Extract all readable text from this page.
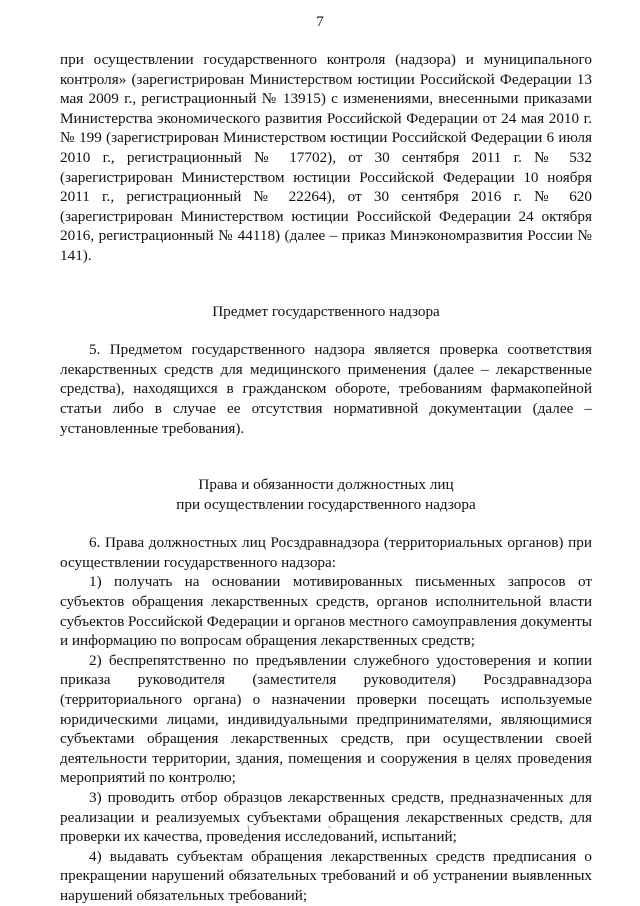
7

при осуществлении государственного контроля (надзора) и муниципального контроля» (зарегистрирован Министерством юстиции Российской Федерации 13 мая 2009 г., регистрационный № 13915) с изменениями, внесенными приказами Министерства экономического развития Российской Федерации от 24 мая 2010 г. № 199 (зарегистрирован Министерством юстиции Российской Федерации 6 июля 2010 г., регистрационный № 17702), от 30 сентября 2011 г. № 532 (зарегистрирован Министерством юстиции Российской Федерации 10 ноября 2011 г., регистрационный № 22264), от 30 сентября 2016 г. № 620 (зарегистрирован Министерством юстиции Российской Федерации 24 октября 2016, регистрационный № 44118) (далее – приказ Минэкономразвития России № 141).

Предмет государственного надзора

5. Предметом государственного надзора является проверка соответствия лекарственных средств для медицинского применения (далее – лекарственные средства), находящихся в гражданском обороте, требованиям фармакопейной статьи либо в случае ее отсутствия нормативной документации (далее – установленные требования).

Права и обязанности должностных лиц

при осуществлении государственного надзора

6. Права должностных лиц Росздравнадзора (территориальных органов) при осуществлении государственного надзора:

1) получать на основании мотивированных письменных запросов от субъектов обращения лекарственных средств, органов исполнительной власти субъектов Российской Федерации и органов местного самоуправления документы и информацию по вопросам обращения лекарственных средств;

2) беспрепятственно по предъявлении служебного удостоверения и копии приказа руководителя (заместителя руководителя) Росздравнадзора (территориального органа) о назначении проверки посещать используемые юридическими лицами, индивидуальными предпринимателями, являющимися субъектами обращения лекарственных средств, при осуществлении своей деятельности территории, здания, помещения и сооружения в целях проведения мероприятий по контролю;

3) проводить отбор образцов лекарственных средств, предназначенных для реализации и реализуемых субъектами обращения лекарственных средств, для проверки их качества, проведения исследований, испытаний;

4) выдавать субъектам обращения лекарственных средств предписания о прекращении нарушений обязательных требований и об устранении выявленных нарушений обязательных требований;
